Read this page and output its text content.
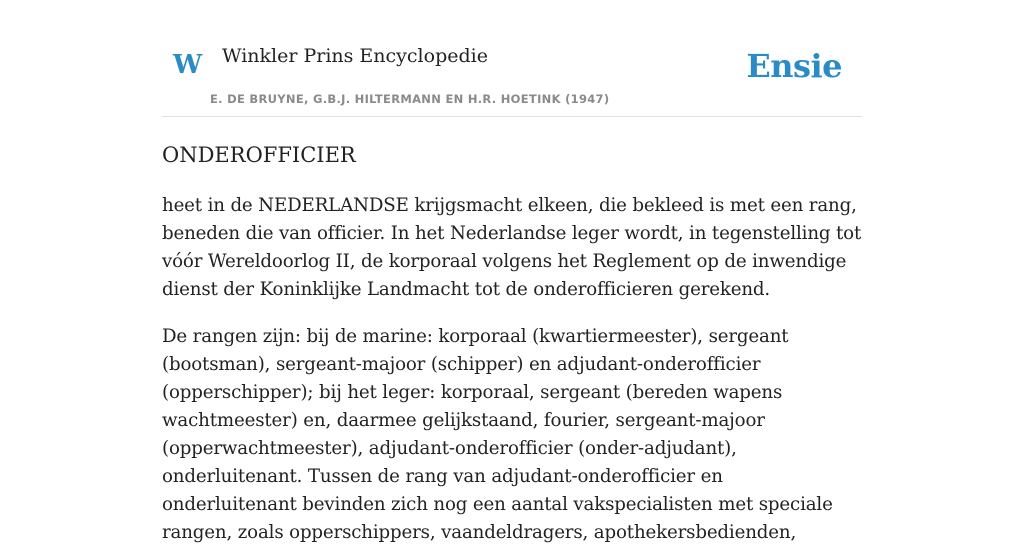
W Winkler Prins Encyclopedie
E. DE BRUYNE, G.B.J. HILTERMANN EN H.R. HOETINK (1947)
Ensie
ONDEROFFICIER

heet in de NEDERLANDSE krijgsmacht elkeen, die bekleed is met een rang, beneden die van officier. In het Nederlandse leger wordt, in tegenstelling tot vóór Wereldoorlog II, de korporaal volgens het Reglement op de inwendige dienst der Koninklijke Landmacht tot de onderofficieren gerekend.

De rangen zijn: bij de marine: korporaal (kwartiermeester), sergeant (bootsman), sergeant-majoor (schipper) en adjudant-onderofficier (opperschipper); bij het leger: korporaal, sergeant (bereden wapens wachtmeester) en, daarmee gelijkstaand, fourier, sergeant-majoor (opperwachtmeester), adjudant-onderofficier (onder-adjudant), onderluitenant. Tussen de rang van adjudant-onderofficier en onderluitenant bevinden zich nog een aantal vakspecialisten met speciale rangen, zoals opperschippers, vaandeldragers, apothekersbedienden,
